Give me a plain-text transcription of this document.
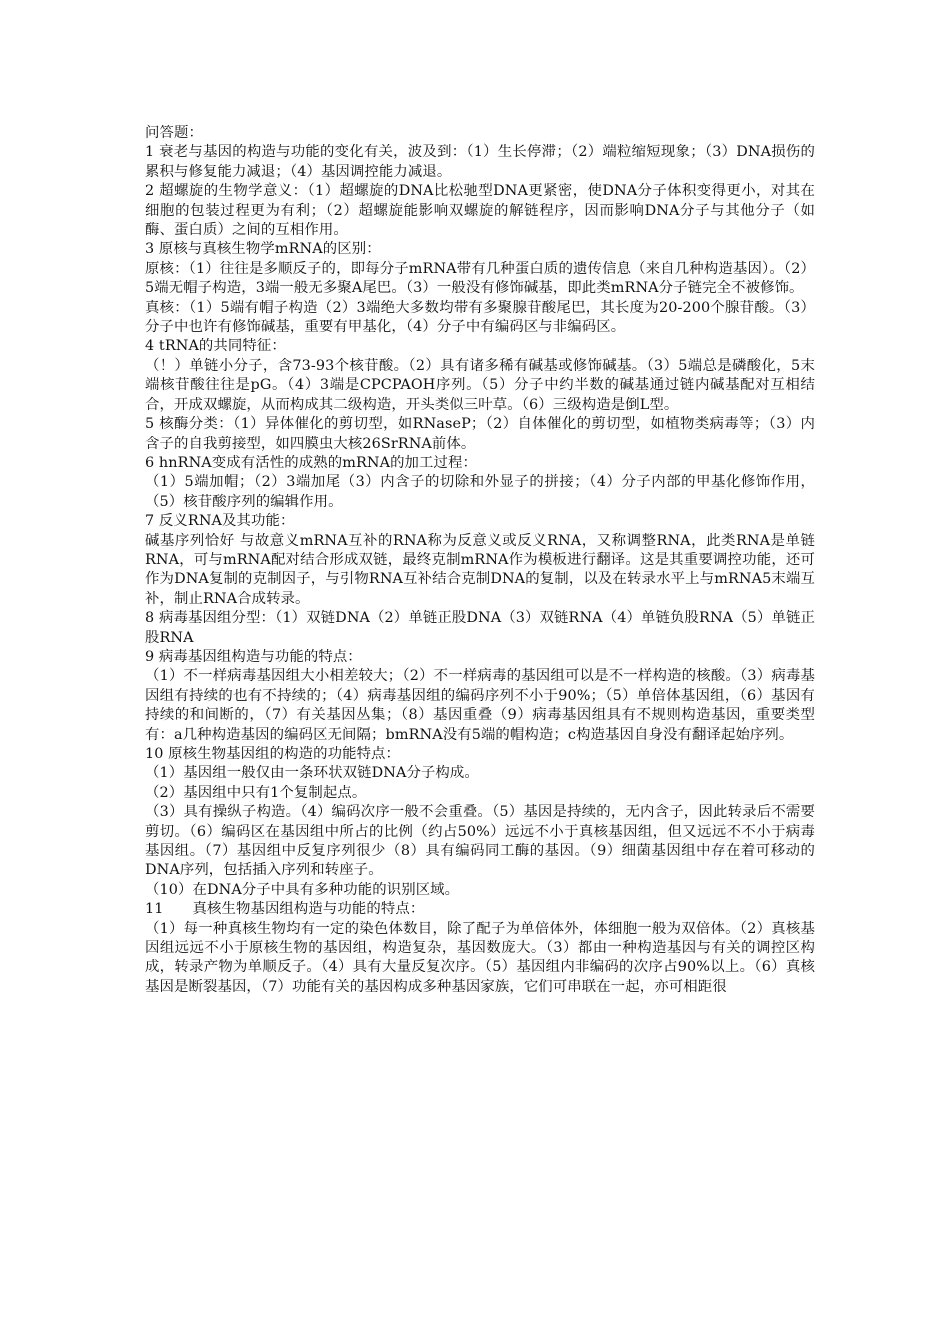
问答题：

1 衰老与基因的构造与功能的变化有关，波及到：（1）生长停滞；（2）端粒缩短现象；（3）DNA损伤的累积与修复能力减退；（4）基因调控能力减退。

2 超螺旋的生物学意义：（1）超螺旋的DNA比松驰型DNA更紧密，使DNA分子体积变得更小，对其在细胞的包装过程更为有利；（2）超螺旋能影响双螺旋的解链程序，因而影响DNA分子与其他分子（如酶、蛋白质）之间的互相作用。

3 原核与真核生物学mRNA的区别：

原核：（1）往往是多顺反子的，即每分子mRNA带有几种蛋白质的遗传信息（来自几种构造基因）。（2）5端无帽子构造，3端一般无多聚A尾巴。（3）一般没有修饰碱基，即此类mRNA分子链完全不被修饰。

真核：（1）5端有帽子构造（2）3端绝大多数均带有多聚腺苷酸尾巴，其长度为20-200个腺苷酸。（3）分子中也许有修饰碱基，重要有甲基化，（4）分子中有编码区与非编码区。

4 tRNA的共同特征：

（！）单链小分子，含73-93个核苷酸。（2）具有诸多稀有碱基或修饰碱基。（3）5端总是磷酸化，5末端核苷酸往往是pG。（4）3端是CPCPAOH序列。（5）分子中约半数的碱基通过链内碱基配对互相结合，开成双螺旋，从而构成其二级构造，开头类似三叶草。（6）三级构造是倒L型。

5 核酶分类：（1）异体催化的剪切型，如RNaseP；（2）自体催化的剪切型，如植物类病毒等；（3）内含子的自我剪接型，如四膜虫大核26SrRNA前体。

6 hnRNA变成有活性的成熟的mRNA的加工过程：

（1）5端加帽；（2）3端加尾（3）内含子的切除和外显子的拼接；（4）分子内部的甲基化修饰作用，（5）核苷酸序列的编辑作用。

7 反义RNA及其功能：

碱基序列恰好 与故意义mRNA互补的RNA称为反意义或反义RNA，又称调整RNA，此类RNA是单链RNA，可与mRNA配对结合形成双链，最终克制mRNA作为模板进行翻译。这是其重要调控功能，还可作为DNA复制的克制因子，与引物RNA互补结合克制DNA的复制，以及在转录水平上与mRNA5末端互补，制止RNA合成转录。

8 病毒基因组分型：（1）双链DNA（2）单链正股DNA（3）双链RNA（4）单链负股RNA（5）单链正股RNA

9 病毒基因组构造与功能的特点：

（1）不一样病毒基因组大小相差较大；（2）不一样病毒的基因组可以是不一样构造的核酸。（3）病毒基因组有持续的也有不持续的；（4）病毒基因组的编码序列不小于90%；（5）单倍体基因组，（6）基因有持续的和间断的，（7）有关基因丛集；（8）基因重叠（9）病毒基因组具有不规则构造基因，重要类型有：a几种构造基因的编码区无间隔；bmRNA没有5端的帽构造；c构造基因自身没有翻译起始序列。

10 原核生物基因组的构造的功能特点：

（1）基因组一般仅由一条环状双链DNA分子构成。

（2）基因组中只有1个复制起点。

（3）具有操纵子构造。（4）编码次序一般不会重叠。（5）基因是持续的，无内含子，因此转录后不需要剪切。（6）编码区在基因组中所占的比例（约占50%）远远不小于真核基因组，但又远远不不小于病毒基因组。（7）基因组中反复序列很少（8）具有编码同工酶的基因。（9）细菌基因组中存在着可移动的DNA序列，包括插入序列和转座子。

（10）在DNA分子中具有多种功能的识别区域。

11　　真核生物基因组构造与功能的特点：

（1）每一种真核生物均有一定的染色体数目，除了配子为单倍体外，体细胞一般为双倍体。（2）真核基因组远远不小于原核生物的基因组，构造复杂，基因数庞大。（3）都由一种构造基因与有关的调控区构成，转录产物为单顺反子。（4）具有大量反复次序。（5）基因组内非编码的次序占90%以上。（6）真核基因是断裂基因，（7）功能有关的基因构成多种基因家族，它们可串联在一起，亦可相距很
